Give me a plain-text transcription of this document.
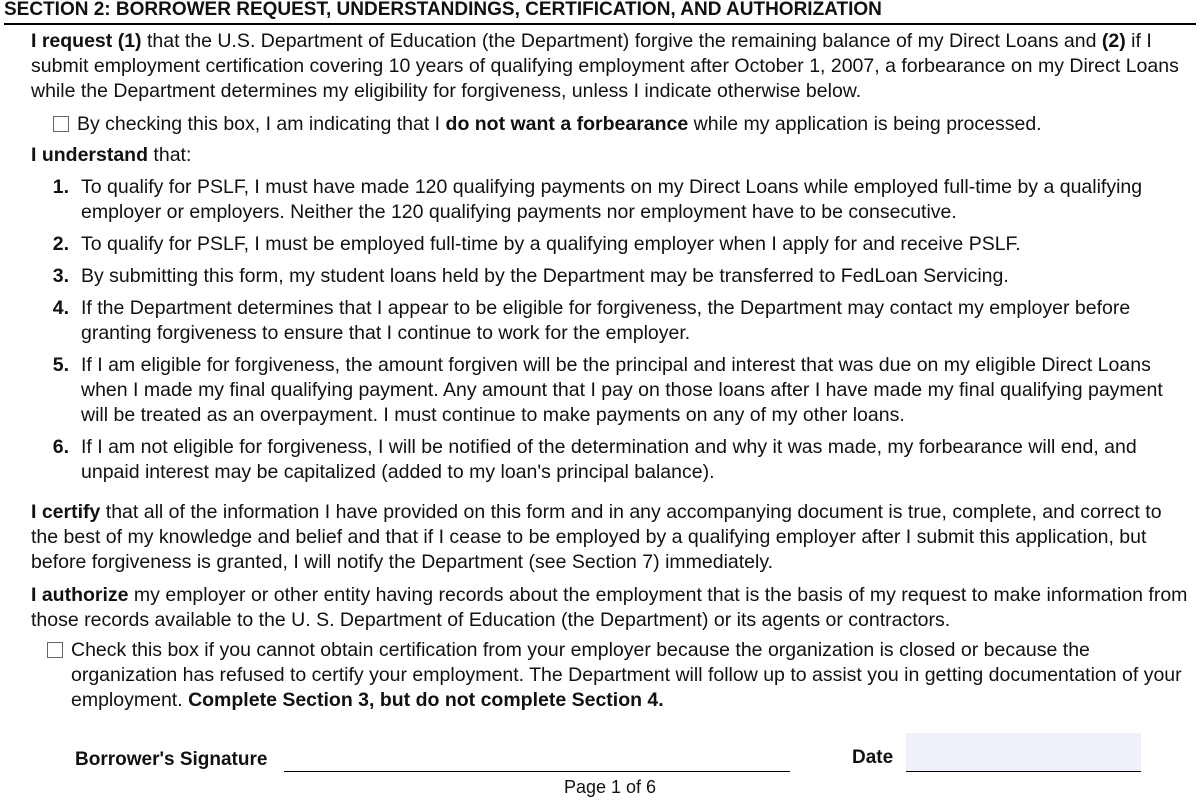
SECTION 2: BORROWER REQUEST, UNDERSTANDINGS, CERTIFICATION, AND AUTHORIZATION

I request (1) that the U.S. Department of Education (the Department) forgive the remaining balance of my Direct Loans and (2) if I submit employment certification covering 10 years of qualifying employment after October 1, 2007, a forbearance on my Direct Loans while the Department determines my eligibility for forgiveness, unless I indicate otherwise below.

By checking this box, I am indicating that I do not want a forbearance while my application is being processed.
I understand that:
1. To qualify for PSLF, I must have made 120 qualifying payments on my Direct Loans while employed full-time by a qualifying employer or employers. Neither the 120 qualifying payments nor employment have to be consecutive.
2. To qualify for PSLF, I must be employed full-time by a qualifying employer when I apply for and receive PSLF.
3. By submitting this form, my student loans held by the Department may be transferred to FedLoan Servicing.
4. If the Department determines that I appear to be eligible for forgiveness, the Department may contact my employer before granting forgiveness to ensure that I continue to work for the employer.
5. If I am eligible for forgiveness, the amount forgiven will be the principal and interest that was due on my eligible Direct Loans when I made my final qualifying payment. Any amount that I pay on those loans after I have made my final qualifying payment will be treated as an overpayment. I must continue to make payments on any of my other loans.
6. If I am not eligible for forgiveness, I will be notified of the determination and why it was made, my forbearance will end, and unpaid interest may be capitalized (added to my loan's principal balance).

I certify that all of the information I have provided on this form and in any accompanying document is true, complete, and correct to the best of my knowledge and belief and that if I cease to be employed by a qualifying employer after I submit this application, but before forgiveness is granted, I will notify the Department (see Section 7) immediately.

I authorize my employer or other entity having records about the employment that is the basis of my request to make information from those records available to the U. S. Department of Education (the Department) or its agents or contractors.

Check this box if you cannot obtain certification from your employer because the organization is closed or because the organization has refused to certify your employment. The Department will follow up to assist you in getting documentation of your employment. Complete Section 3, but do not complete Section 4.
Borrower's Signature	Date
Page 1 of 6
